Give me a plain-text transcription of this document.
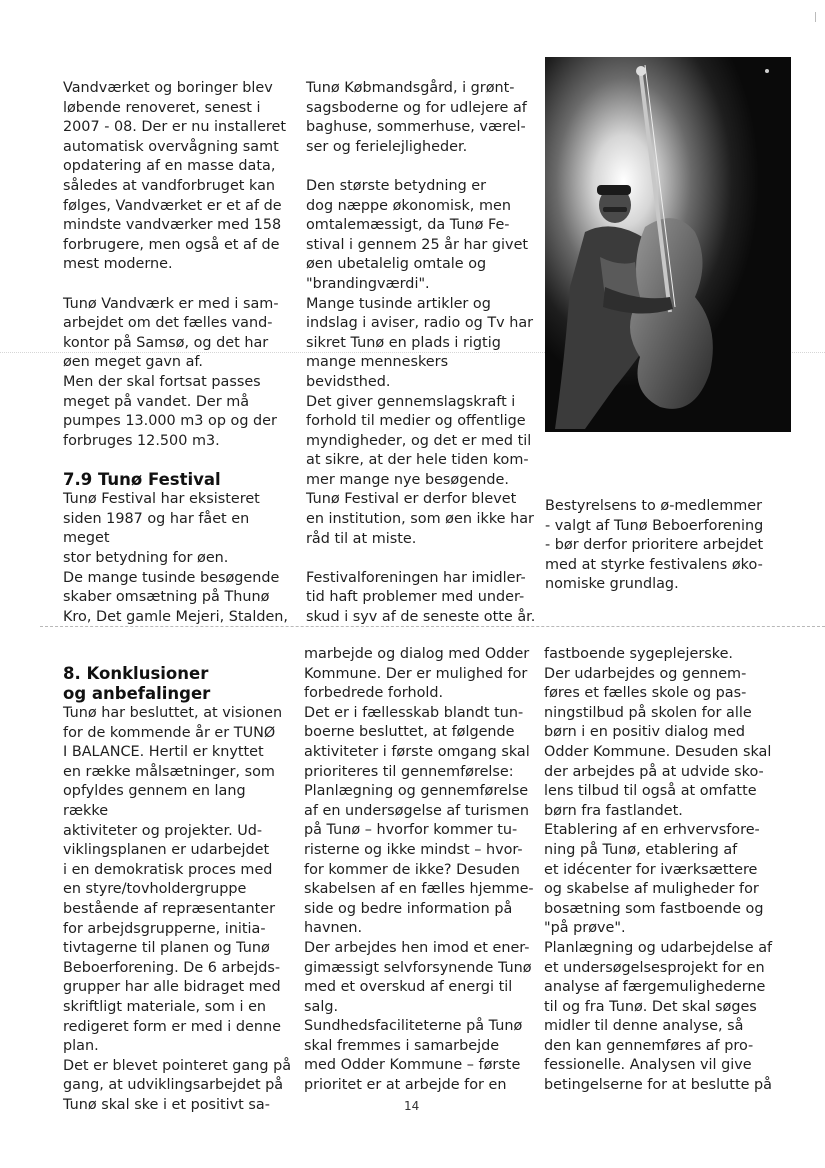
Vandværket og boringer blev
løbende renoveret, senest i
2007 - 08. Der er nu installeret
automatisk overvågning samt
opdatering af en masse data,
således at vandforbruget kan
følges, Vandværket er et af de
mindste vandværker med 158
forbrugere, men også et af de
mest moderne.

Tunø Vandværk er med i sam-
arbejdet om det fælles vand-
kontor på Samsø, og det har
øen meget gavn af.
Men der skal fortsat passes
meget på vandet. Der må
pumpes 13.000 m3 op og der
forbruges 12.500 m3.

7.9 Tunø Festival

Tunø Festival har eksisteret
siden 1987 og har fået en meget
stor betydning for øen.
De mange tusinde besøgende
skaber omsætning på Thunø
Kro, Det gamle Mejeri, Stalden,

Tunø Købmandsgård, i grønt-
sagsboderne og for udlejere af
baghuse, sommerhuse, værel-
ser og ferielejligheder.

Den største betydning er
dog næppe økonomisk, men
omtalemæssigt, da Tunø Fe-
stival i gennem 25 år har givet
øen ubetalelig omtale og
"brandingværdi".
Mange tusinde artikler og
indslag i aviser, radio og Tv har
sikret Tunø en plads i rigtig
mange menneskers bevidsthed.
Det giver gennemslagskraft i
forhold til medier og offentlige
myndigheder, og det er med til
at sikre, at der hele tiden kom-
mer mange nye besøgende.
Tunø Festival er derfor blevet
en institution, som øen ikke har
råd til at miste.

Festivalforeningen har imidler-
tid haft problemer med under-
skud i syv af de seneste otte år.

Bestyrelsens to ø-medlemmer
- valgt af Tunø Beboerforening
- bør derfor prioritere arbejdet
med at styrke festivalens øko-
nomiske grundlag.

8. Konklusioner
og anbefalinger

Tunø har besluttet, at visionen
for de kommende år er TUNØ
I BALANCE. Hertil er knyttet
en række målsætninger, som
opfyldes gennem en lang række
aktiviteter og projekter. Ud-
viklingsplanen er udarbejdet
i en demokratisk proces med
en styre/tovholdergruppe
bestående af repræsentanter
for arbejdsgrupperne, initia-
tivtagerne til planen og Tunø
Beboerforening. De 6 arbejds-
grupper har alle bidraget med
skriftligt materiale, som i en
redigeret form er med i denne
plan.
Det er blevet pointeret gang på
gang, at udviklingsarbejdet på
Tunø skal ske i et positivt sa-

marbejde og dialog med Odder
Kommune. Der er mulighed for
forbedrede forhold.
Det er i fællesskab blandt tun-
boerne besluttet, at følgende
aktiviteter i første omgang skal
prioriteres til gennemførelse:
Planlægning og gennemførelse
af en undersøgelse af turismen
på Tunø – hvorfor kommer tu-
risterne og ikke mindst – hvor-
for kommer de ikke? Desuden
skabelsen af en fælles hjemme-
side og bedre information på
havnen.
Der arbejdes hen imod et ener-
gimæssigt selvforsynende Tunø
med et overskud af energi til
salg.
Sundhedsfaciliteterne på Tunø
skal fremmes i samarbejde
med Odder Kommune – første
prioritet er at arbejde for en

fastboende sygeplejerske.
Der udarbejdes og gennem-
føres et fælles skole og pas-
ningstilbud på skolen for alle
børn i en positiv dialog med
Odder Kommune. Desuden skal
der arbejdes på at udvide sko-
lens tilbud til også at omfatte
børn fra fastlandet.
Etablering af en erhvervsfore-
ning på Tunø, etablering af
et idécenter for iværksættere
og skabelse af muligheder for
bosætning som fastboende og
"på prøve".
Planlægning og udarbejdelse af
et undersøgelsesprojekt for en
analyse af færgemulighederne
til og fra Tunø. Det skal søges
midler til denne analyse, så
den kan gennemføres af pro-
fessionelle. Analysen vil give
betingelserne for at beslutte på

14
